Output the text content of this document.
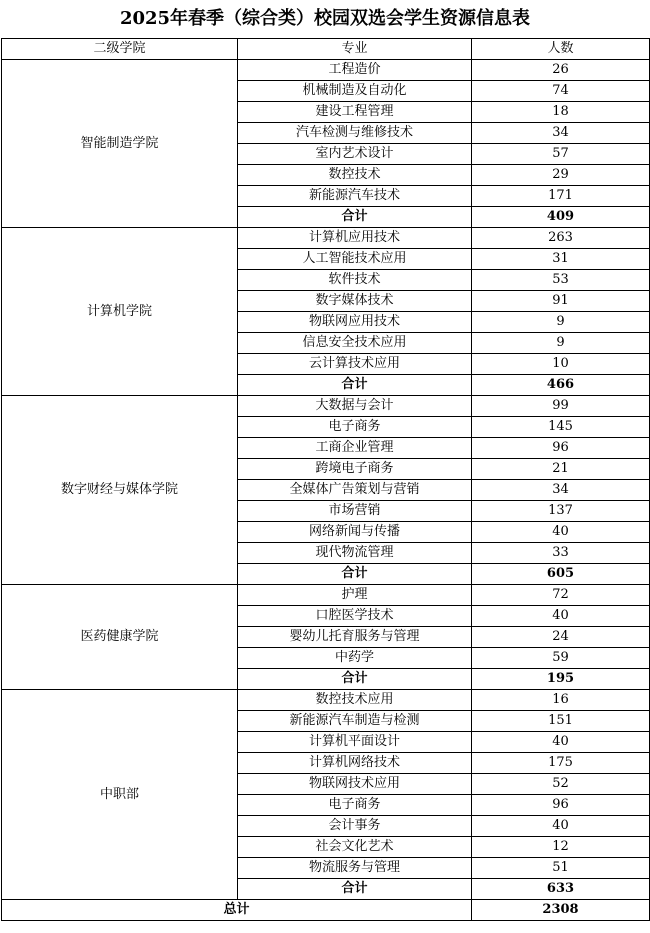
2025年春季（综合类）校园双选会学生资源信息表
二级学院	专业	人数
智能制造学院	工程造价	26
	机械制造及自动化	74
	建设工程管理	18
	汽车检测与维修技术	34
	室内艺术设计	57
	数控技术	29
	新能源汽车技术	171
	合计	409
计算机学院	计算机应用技术	263
	人工智能技术应用	31
	软件技术	53
	数字媒体技术	91
	物联网应用技术	9
	信息安全技术应用	9
	云计算技术应用	10
	合计	466
数字财经与媒体学院	大数据与会计	99
	电子商务	145
	工商企业管理	96
	跨境电子商务	21
	全媒体广告策划与营销	34
	市场营销	137
	网络新闻与传播	40
	现代物流管理	33
	合计	605
医药健康学院	护理	72
	口腔医学技术	40
	婴幼儿托育服务与管理	24
	中药学	59
	合计	195
中职部	数控技术应用	16
	新能源汽车制造与检测	151
	计算机平面设计	40
	计算机网络技术	175
	物联网技术应用	52
	电子商务	96
	会计事务	40
	社会文化艺术	12
	物流服务与管理	51
	合计	633
总计		2308
